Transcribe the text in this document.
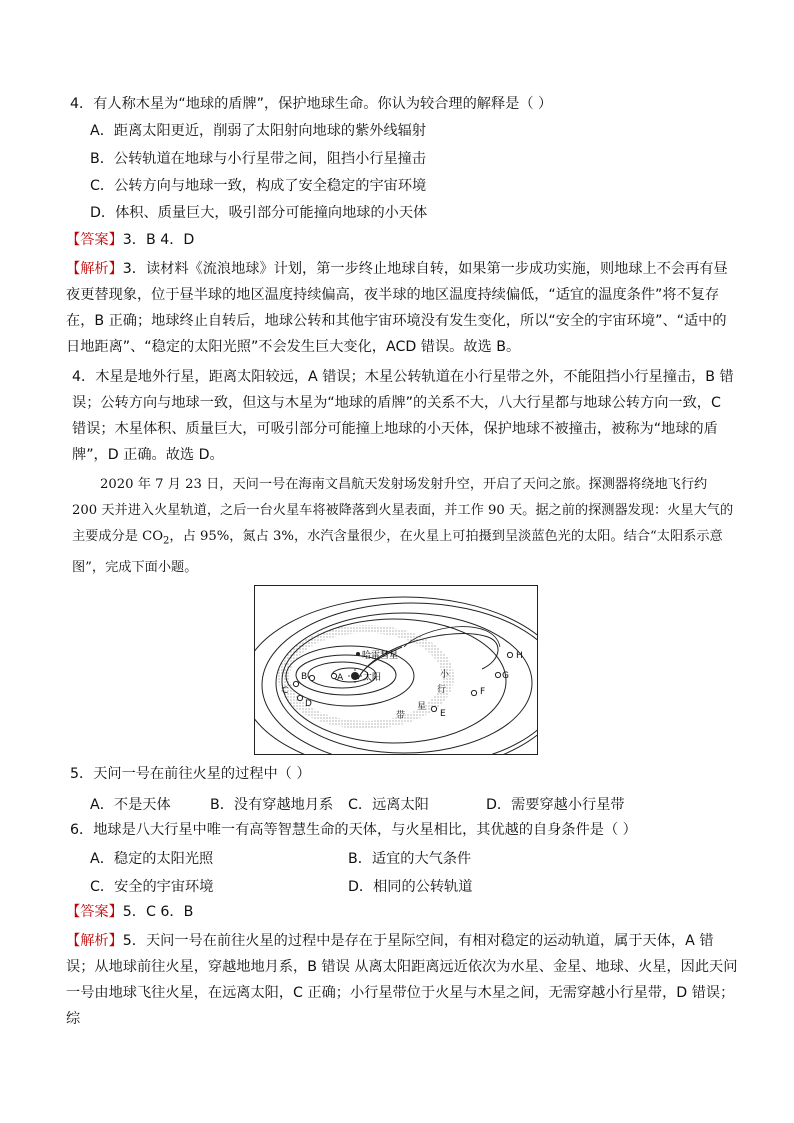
4．有人称木星为“地球的盾牌”，保护地球生命。你认为较合理的解释是（ ）
A．距离太阳更近，削弱了太阳射向地球的紫外线辐射
B．公转轨道在地球与小行星带之间，阻挡小行星撞击
C．公转方向与地球一致，构成了安全稳定的宇宙环境
D．体积、质量巨大，吸引部分可能撞向地球的小天体
【答案】3．B 4．D
【解析】3．读材料《流浪地球》计划，第一步终止地球自转，如果第一步成功实施，则地球上不会再有昼夜更替现象，位于昼半球的地区温度持续偏高，夜半球的地区温度持续偏低，“适宜的温度条件”将不复存在，B 正确；地球终止自转后，地球公转和其他宇宙环境没有发生变化，所以“安全的宇宙环境”、“适中的日地距离”、“稳定的太阳光照”不会发生巨大变化，ACD 错误。故选 B。
4．木星是地外行星，距离太阳较远，A 错误；木星公转轨道在小行星带之外，不能阻挡小行星撞击，B 错误；公转方向与地球一致，但这与木星为“地球的盾牌”的关系不大，八大行星都与地球公转方向一致，C 错误；木星体积、质量巨大，可吸引部分可能撞上地球的小天体，保护地球不被撞击，被称为“地球的盾牌”，D 正确。故选 D。
2020 年 7 月 23 日，天问一号在海南文昌航天发射场发射升空，开启了天问之旅。探测器将绕地飞行约 200 天并进入火星轨道，之后一台火星车将被降落到火星表面，并工作 90 天。据之前的探测器发现：火星大气的主要成分是 $CO_2$，占 95%，氮占 3%，水汽含量很少，在火星上可拍摄到呈淡蓝色光的太阳。结合“太阳系示意图”，完成下面小题。
太阳
哈雷彗星
A
B
C
D
E
F
G
H
小
行
星
带
5．天问一号在前往火星的过程中（ ）
A．不是天体	B．没有穿越地月系 C．远离太阳	D．需要穿越小行星带
6．地球是八大行星中唯一有高等智慧生命的天体，与火星相比，其优越的自身条件是（ ）
A．稳定的太阳光照	B．适宜的大气条件
C．安全的宇宙环境	D．相同的公转轨道
【答案】5．C 6．B
【解析】5．天问一号在前往火星的过程中是存在于星际空间，有相对稳定的运动轨道，属于天体，A 错误；从地球前往火星，穿越地地月系，B 错误 从离太阳距离远近依次为水星、金星、地球、火星，因此天问一号由地球飞往火星，在远离太阳，C 正确；小行星带位于火星与木星之间，无需穿越小行星带，D 错误；综
